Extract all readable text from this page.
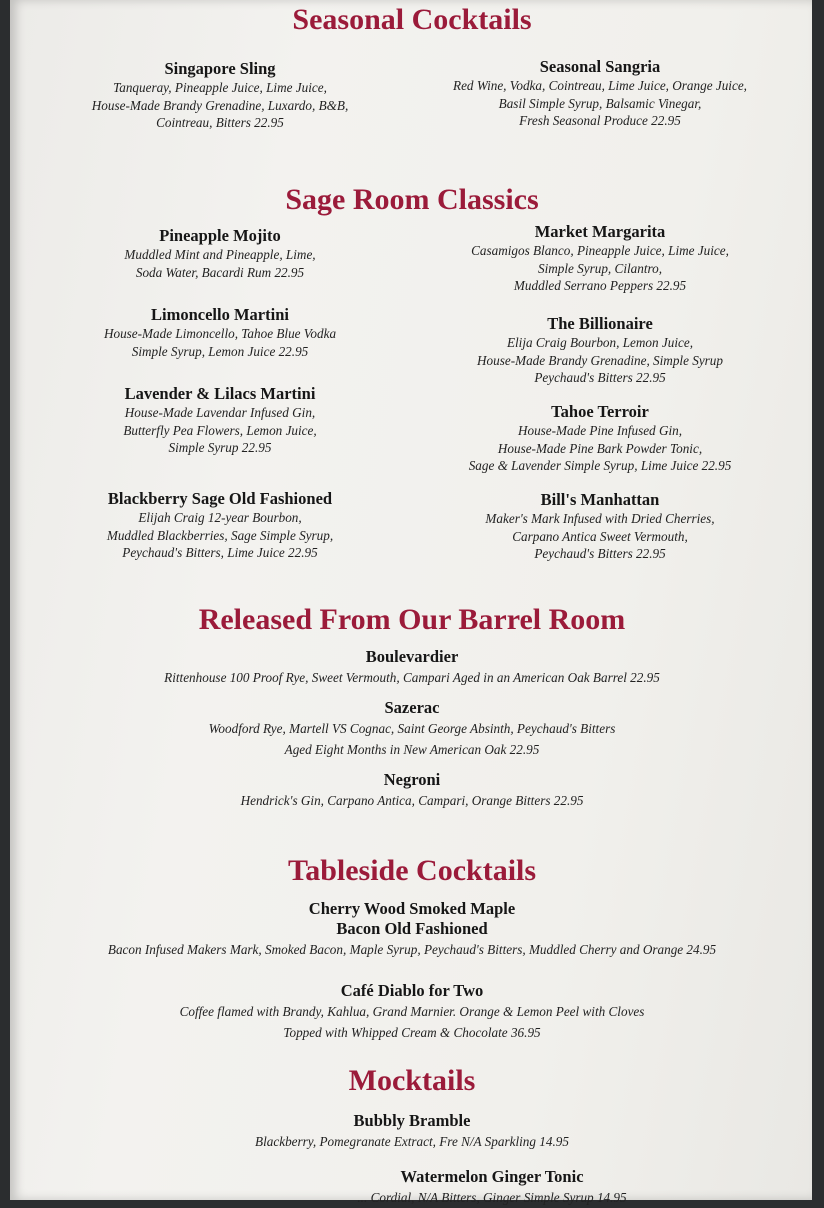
Seasonal Cocktails
Singapore Sling
Tanqueray, Pineapple Juice, Lime Juice,
House-Made Brandy Grenadine, Luxardo, B&B,
Cointreau, Bitters 22.95
Seasonal Sangria
Red Wine, Vodka, Cointreau, Lime Juice, Orange Juice,
Basil Simple Syrup, Balsamic Vinegar,
Fresh Seasonal Produce 22.95
Sage Room Classics
Pineapple Mojito
Muddled Mint and Pineapple, Lime,
Soda Water, Bacardi Rum 22.95
Limoncello Martini
House-Made Limoncello, Tahoe Blue Vodka
Simple Syrup, Lemon Juice 22.95
Lavender & Lilacs Martini
House-Made Lavendar Infused Gin,
Butterfly Pea Flowers, Lemon Juice,
Simple Syrup 22.95
Blackberry Sage Old Fashioned
Elijah Craig 12-year Bourbon,
Muddled Blackberries, Sage Simple Syrup,
Peychaud's Bitters, Lime Juice 22.95
Market Margarita
Casamigos Blanco, Pineapple Juice, Lime Juice,
Simple Syrup, Cilantro,
Muddled Serrano Peppers 22.95
The Billionaire
Elija Craig Bourbon, Lemon Juice,
House-Made Brandy Grenadine, Simple Syrup
Peychaud's Bitters 22.95
Tahoe Terroir
House-Made Pine Infused Gin,
House-Made Pine Bark Powder Tonic,
Sage & Lavender Simple Syrup, Lime Juice 22.95
Bill's Manhattan
Maker's Mark Infused with Dried Cherries,
Carpano Antica Sweet Vermouth,
Peychaud's Bitters 22.95
Released From Our Barrel Room
Boulevardier
Rittenhouse 100 Proof Rye, Sweet Vermouth, Campari Aged in an American Oak Barrel 22.95
Sazerac
Woodford Rye, Martell VS Cognac, Saint George Absinth, Peychaud's Bitters
Aged Eight Months in New American Oak 22.95
Negroni
Hendrick's Gin, Carpano Antica, Campari, Orange Bitters 22.95
Tableside Cocktails
Cherry Wood Smoked Maple
Bacon Old Fashioned
Bacon Infused Makers Mark, Smoked Bacon, Maple Syrup, Peychaud's Bitters, Muddled Cherry and Orange 24.95
Café Diablo for Two
Coffee flamed with Brandy, Kahlua, Grand Marnier. Orange & Lemon Peel with Cloves
Topped with Whipped Cream & Chocolate 36.95
Mocktails
Bubbly Bramble
Blackberry, Pomegranate Extract, Fre N/A Sparkling 14.95
Watermelon Ginger Tonic
... Cordial, N/A Bitters, Ginger Simple Syrup 14.95
